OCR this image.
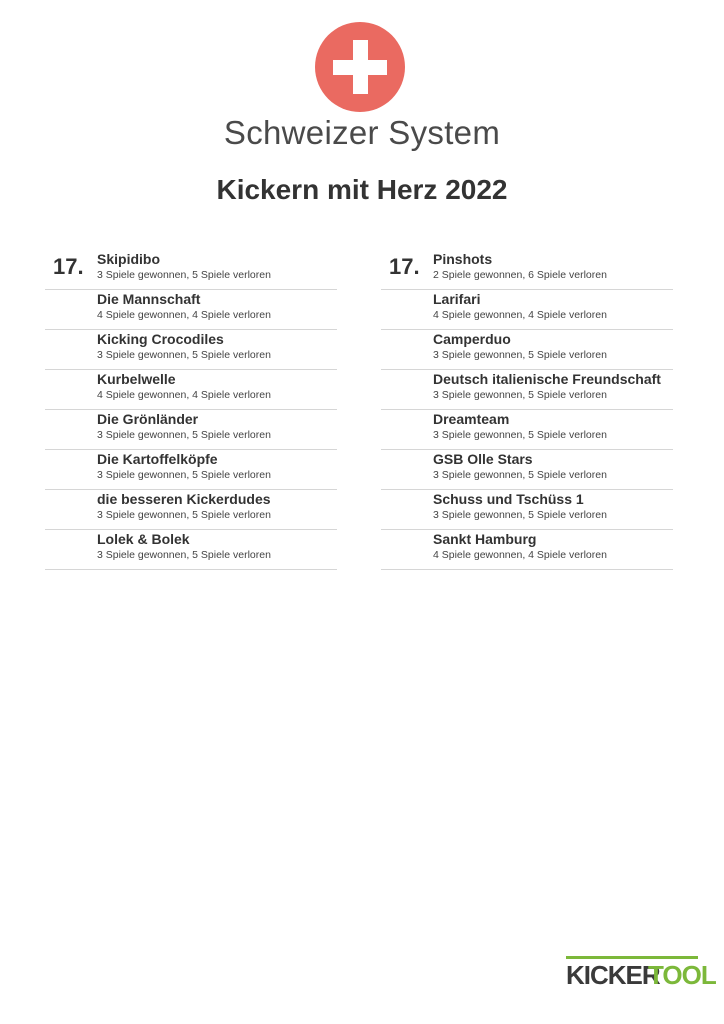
Schweizer System
Kickern mit Herz 2022
17. Skipidibo
3 Spiele gewonnen, 5 Spiele verloren
Die Mannschaft
4 Spiele gewonnen, 4 Spiele verloren
Kicking Crocodiles
3 Spiele gewonnen, 5 Spiele verloren
Kurbelwelle
4 Spiele gewonnen, 4 Spiele verloren
Die Grönländer
3 Spiele gewonnen, 5 Spiele verloren
Die Kartoffelköpfe
3 Spiele gewonnen, 5 Spiele verloren
die besseren Kickerdudes
3 Spiele gewonnen, 5 Spiele verloren
Lolek & Bolek
3 Spiele gewonnen, 5 Spiele verloren
17. Pinshots
2 Spiele gewonnen, 6 Spiele verloren
Larifari
4 Spiele gewonnen, 4 Spiele verloren
Camperduo
3 Spiele gewonnen, 5 Spiele verloren
Deutsch italienische Freundschaft
3 Spiele gewonnen, 5 Spiele verloren
Dreamteam
3 Spiele gewonnen, 5 Spiele verloren
GSB Olle Stars
3 Spiele gewonnen, 5 Spiele verloren
Schuss und Tschüss 1
3 Spiele gewonnen, 5 Spiele verloren
Sankt Hamburg
4 Spiele gewonnen, 4 Spiele verloren
KICKER
TOOL
